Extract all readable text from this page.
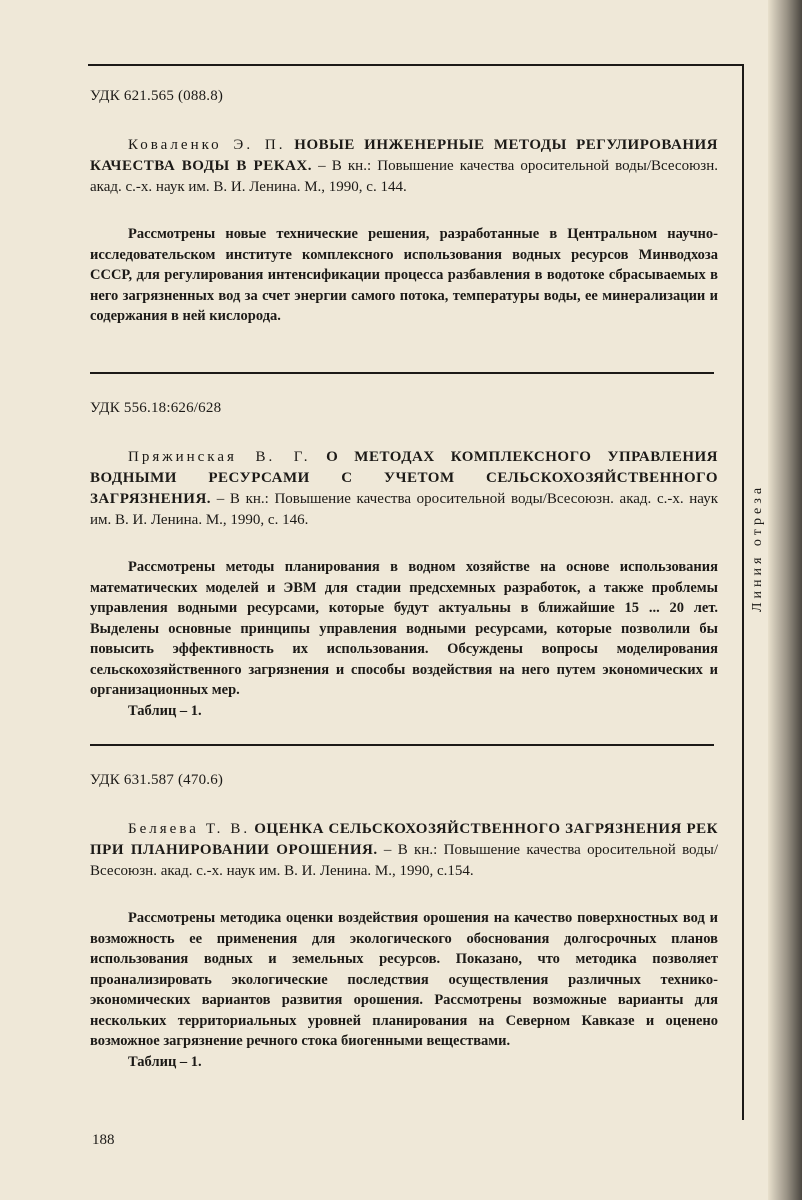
УДК 621.565 (088.8)

Коваленко Э. П. НОВЫЕ ИНЖЕНЕРНЫЕ МЕТОДЫ РЕГУЛИРОВАНИЯ КАЧЕСТВА ВОДЫ В РЕКАХ. – В кн.: Повышение качества оросительной воды/Всесоюзн. акад. с.-х. наук им. В. И. Ленина. М., 1990, с. 144.

Рассмотрены новые технические решения, разработанные в Центральном научно-исследовательском институте комплексного использования водных ресурсов Минводхоза СССР, для регулирования интенсификации процесса разбавления в водотоке сбрасываемых в него загрязненных вод за счет энергии самого потока, температуры воды, ее минерализации и содержания в ней кислорода.

УДК 556.18:626/628

Пряжинская В. Г. О МЕТОДАХ КОМПЛЕКСНОГО УПРАВЛЕНИЯ ВОДНЫМИ РЕСУРСАМИ С УЧЕТОМ СЕЛЬСКОХОЗЯЙСТВЕННОГО ЗАГРЯЗНЕНИЯ. – В кн.: Повышение качества оросительной воды/Всесоюзн. акад. с.-х. наук им. В. И. Ленина. М., 1990, с. 146.

Рассмотрены методы планирования в водном хозяйстве на основе использования математических моделей и ЭВМ для стадии предсхемных разработок, а также проблемы управления водными ресурсами, которые будут актуальны в ближайшие 15 ... 20 лет. Выделены основные принципы управления водными ресурсами, которые позволили бы повысить эффективность их использования. Обсуждены вопросы моделирования сельскохозяйственного загрязнения и способы воздействия на него путем экономических и организационных мер.

Таблиц – 1.

УДК 631.587 (470.6)

Беляева Т. В. ОЦЕНКА СЕЛЬСКОХОЗЯЙСТВЕННОГО ЗАГРЯЗНЕНИЯ РЕК ПРИ ПЛАНИРОВАНИИ ОРОШЕНИЯ. – В кн.: Повышение качества оросительной воды/ Всесоюзн. акад. с.-х. наук им. В. И. Ленина. М., 1990, с.154.

Рассмотрены методика оценки воздействия орошения на качество поверхностных вод и возможность ее применения для экологического обоснования долгосрочных планов использования водных и земельных ресурсов. Показано, что методика позволяет проанализировать экологические последствия осуществления различных технико-экономических вариантов развития орошения. Рассмотрены возможные варианты для нескольких территориальных уровней планирования на Северном Кавказе и оценено возможное загрязнение речного стока биогенными веществами.

Таблиц – 1.

Линия отреза
188
